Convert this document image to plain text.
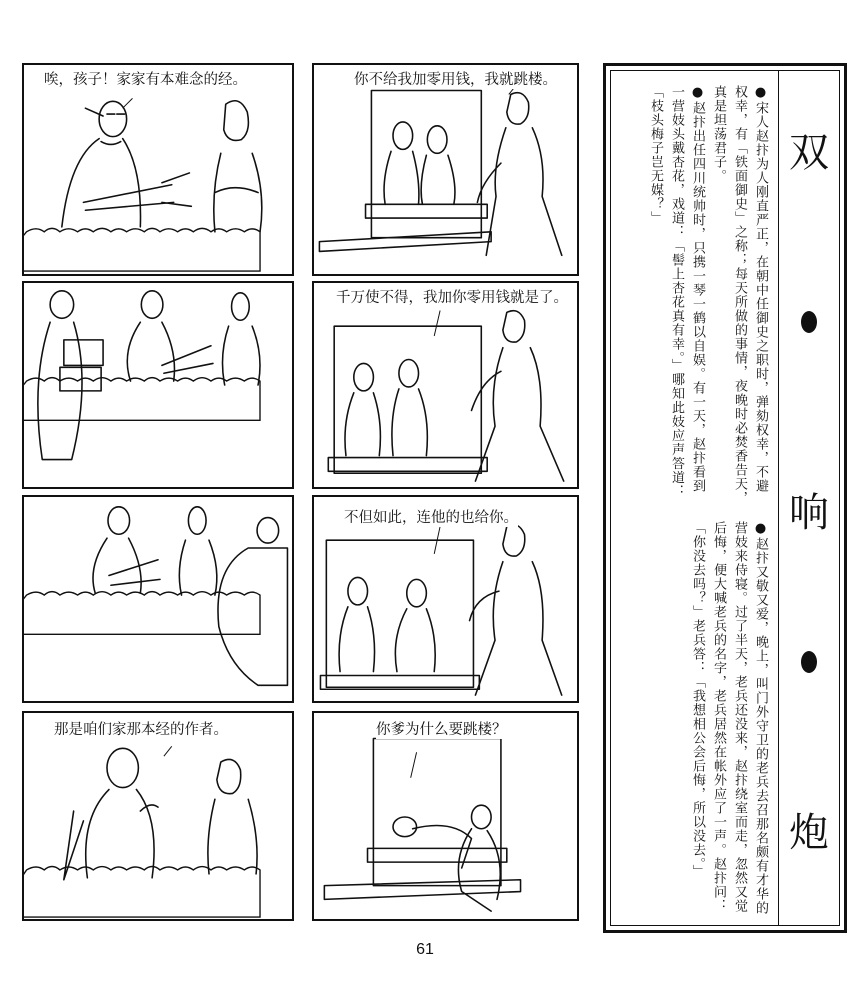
唉，孩子！家家有本难念的经。	你不给我加零用钱，我就跳楼。
千万使不得，我加你零用钱就是了。
不但如此，连他的也给你。
那是咱们家那本经的作者。	你爹为什么要跳楼？
双
响
炮
●宋人赵抃为人刚直严正，在朝中任御史之职时，弹劾权幸，不避权幸，有「铁面御史」之称；每天所做的事情，夜晚时必焚香告天，真是坦荡君子。
●赵抃出任四川统帅时，只携一琴一鹤以自娱。有一天，赵抃看到一营妓头戴杏花，戏道：「髻上杏花真有幸。」哪知此妓应声答道：「枝头梅子岂无媒？」
●赵抃又敬又爱，晚上，叫门外守卫的老兵去召那名颇有才华的营妓来侍寝。过了半天，老兵还没来，赵抃绕室而走，忽然又觉后悔，便大喊老兵的名字，老兵居然在帐外应了一声。赵抃问：「你没去吗？」老兵答：「我想相公会后悔，所以没去。」
61
